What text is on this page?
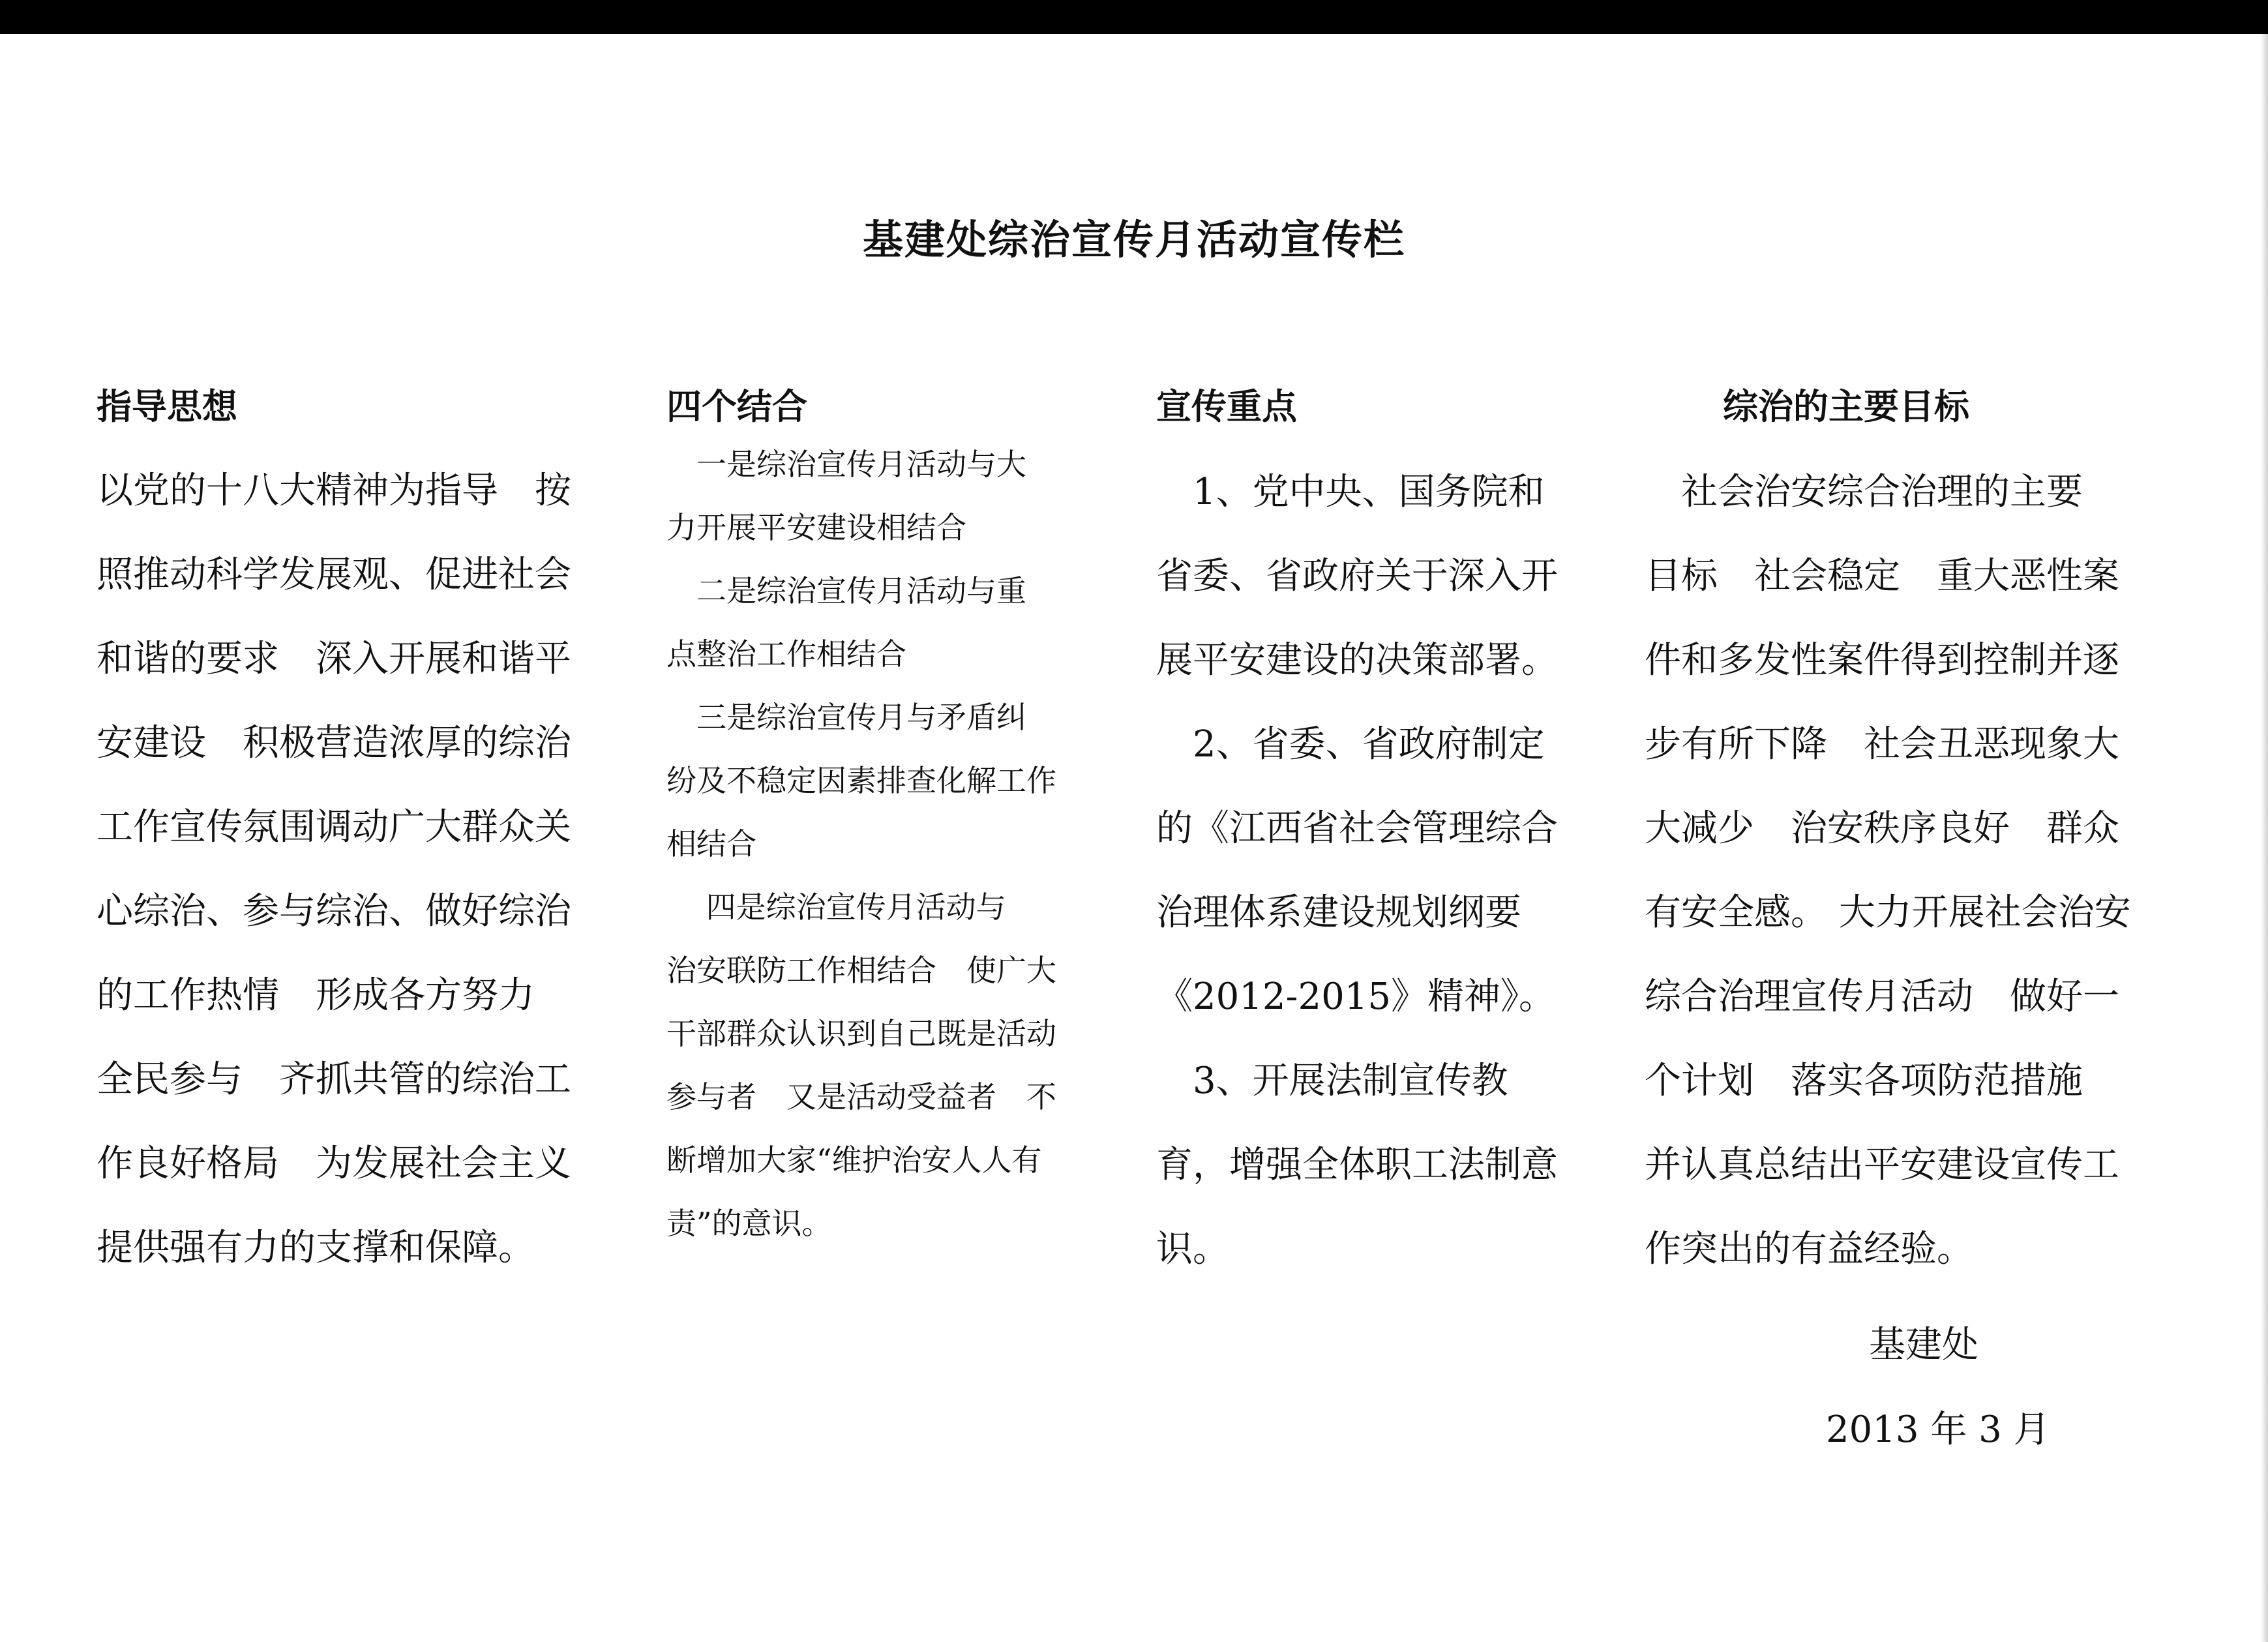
基建处综治宣传月活动宣传栏
指导思想
以党的十八大精神为指导　按
照推动科学发展观、促进社会
和谐的要求　深入开展和谐平
安建设　积极营造浓厚的综治
工作宣传氛围调动广大群众关
心综治、参与综治、做好综治
的工作热情　形成各方努力
全民参与　齐抓共管的综治工
作良好格局　为发展社会主义
提供强有力的支撑和保障。
四个结合
　一是综治宣传月活动与大
力开展平安建设相结合
　二是综治宣传月活动与重
点整治工作相结合
　三是综治宣传月与矛盾纠
纷及不稳定因素排查化解工作
相结合
　 四是综治宣传月活动与
治安联防工作相结合　使广大
干部群众认识到自己既是活动
参与者　又是活动受益者　不
断增加大家“维护治安人人有
责”的意识。
宣传重点
　1、党中央、国务院和
省委、省政府关于深入开
展平安建设的决策部署。
　2、省委、省政府制定
的《江西省社会管理综合
治理体系建设规划纲要
《2012-2015》精神》。
　3、开展法制宣传教
育，增强全体职工法制意
识。
综治的主要目标
　社会治安综合治理的主要
目标　社会稳定　重大恶性案
件和多发性案件得到控制并逐
步有所下降　社会丑恶现象大
大减少　治安秩序良好　群众
有安全感。 大力开展社会治安
综合治理宣传月活动　做好一
个计划　落实各项防范措施
并认真总结出平安建设宣传工
作突出的有益经验。
基建处
2013 年 3 月
